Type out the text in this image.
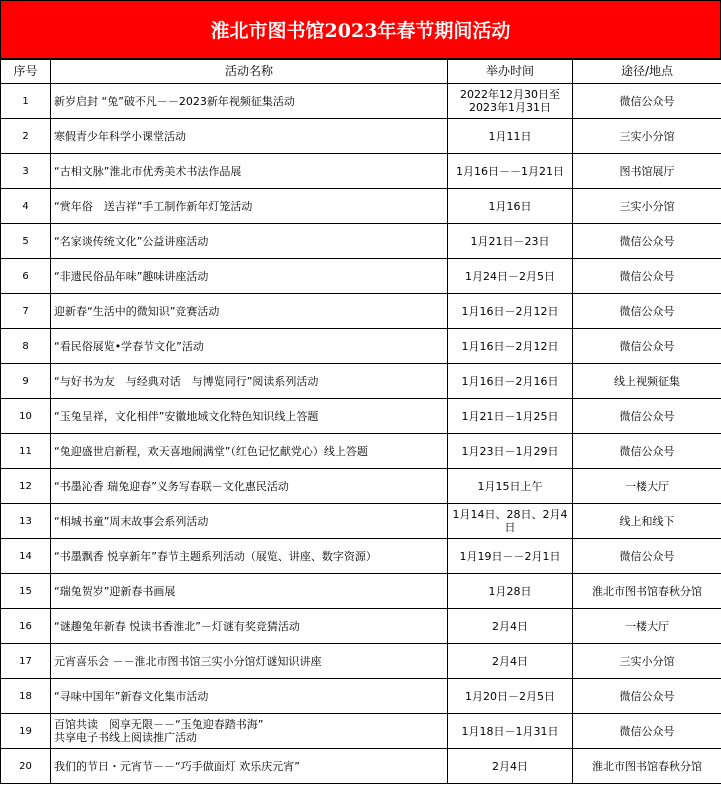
淮北市图书馆2023年春节期间活动
序号	活动名称	举办时间	途径/地点
1	新岁启封 “兔”破不凡－－2023新年视频征集活动	2022年12月30日至
2023年1月31日	微信公众号
2	寒假青少年科学小课堂活动	1月11日	三实小分馆
3	“古相文脉”淮北市优秀美术书法作品展	1月16日－－1月21日	图书馆展厅
4	“赏年俗　送吉祥”手工制作新年灯笼活动	1月16日	三实小分馆
5	“名家谈传统文化”公益讲座活动	1月21日－23日	微信公众号
6	“非遗民俗品年味”趣味讲座活动	1月24日－2月5日	微信公众号
7	迎新春“生活中的微知识”竞赛活动	1月16日－2月12日	微信公众号
8	“看民俗展览•学春节文化”活动	1月16日－2月12日	微信公众号
9	“与好书为友　与经典对话　与博览同行”阅读系列活动	1月16日－2月16日	线上视频征集
10	“玉兔呈祥，文化相伴”安徽地域文化特色知识线上答题	1月21日－1月25日	微信公众号
11	“兔迎盛世启新程，欢天喜地闹满堂”（红色记忆献党心）线上答题	1月23日－1月29日	微信公众号
12	“书墨沁香 瑞兔迎春”义务写春联－文化惠民活动	1月15日上午	一楼大厅
13	“相城书童”周末故事会系列活动	1月14日、28日、2月4日	线上和线下
14	“书墨飘香 悦享新年”春节主题系列活动（展览、讲座、数字资源）	1月19日－－2月1日	微信公众号
15	“瑞兔贺岁”迎新春书画展	1月28日	淮北市图书馆春秋分馆
16	“谜趣兔年新春 悦读书香淮北”－灯谜有奖竞猜活动	2月4日	一楼大厅
17	元宵喜乐会 －－淮北市图书馆三实小分馆灯谜知识讲座	2月4日	三实小分馆
18	“寻味中国年”新春文化集市活动	1月20日－2月5日	微信公众号
19	百馆共读　阅享无限－－“玉兔迎春踏书海”
共享电子书线上阅读推广活动	1月18日－1月31日	微信公众号
20	我们的节日・元宵节－－“巧手做面灯 欢乐庆元宵”	2月4日	淮北市图书馆春秋分馆
